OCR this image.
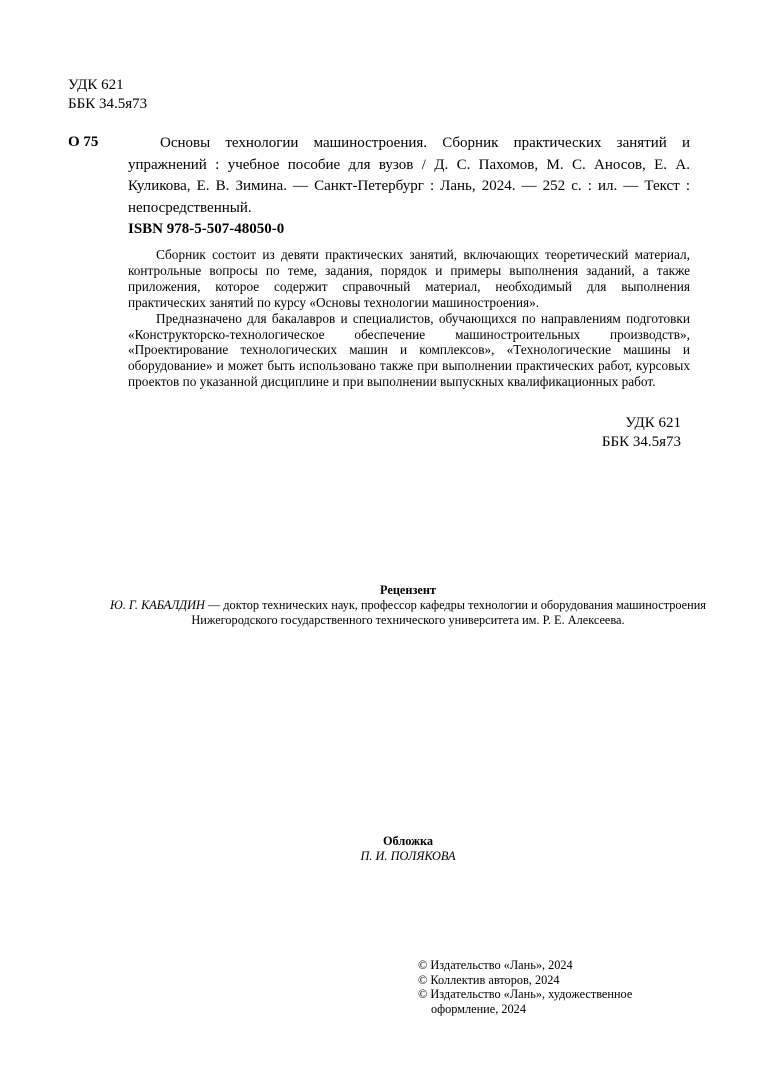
УДК 621
ББК 34.5я73
О 75	Основы технологии машиностроения. Сборник практических занятий и упражнений : учебное пособие для вузов / Д. С. Пахомов, М. С. Аносов, Е. А. Куликова, Е. В. Зимина. — Санкт-Петербург : Лань, 2024. — 252 с. : ил. — Текст : непосредственный.
ISBN 978-5-507-48050-0

Сборник состоит из девяти практических занятий, включающих теоретический материал, контрольные вопросы по теме, задания, порядок и примеры выполнения заданий, а также приложения, которое содержит справочный материал, необходимый для выполнения практических занятий по курсу «Основы технологии машиностроения».

Предназначено для бакалавров и специалистов, обучающихся по направлениям подготовки «Конструкторско-технологическое обеспечение машиностроительных производств», «Проектирование технологических машин и комплексов», «Технологические машины и оборудование» и может быть использовано также при выполнении практических работ, курсовых проектов по указанной дисциплине и при выполнении выпускных квалификационных работ.

УДК 621
ББК 34.5я73
Рецензент
Ю. Г. КАБАЛДИН — доктор технических наук, профессор кафедры технологии и оборудования машиностроения Нижегородского государственного технического университета им. Р. Е. Алексеева.
Обложка
П. И. ПОЛЯКОВА
© Издательство «Лань», 2024
© Коллектив авторов, 2024
© Издательство «Лань», художественное
оформление, 2024
